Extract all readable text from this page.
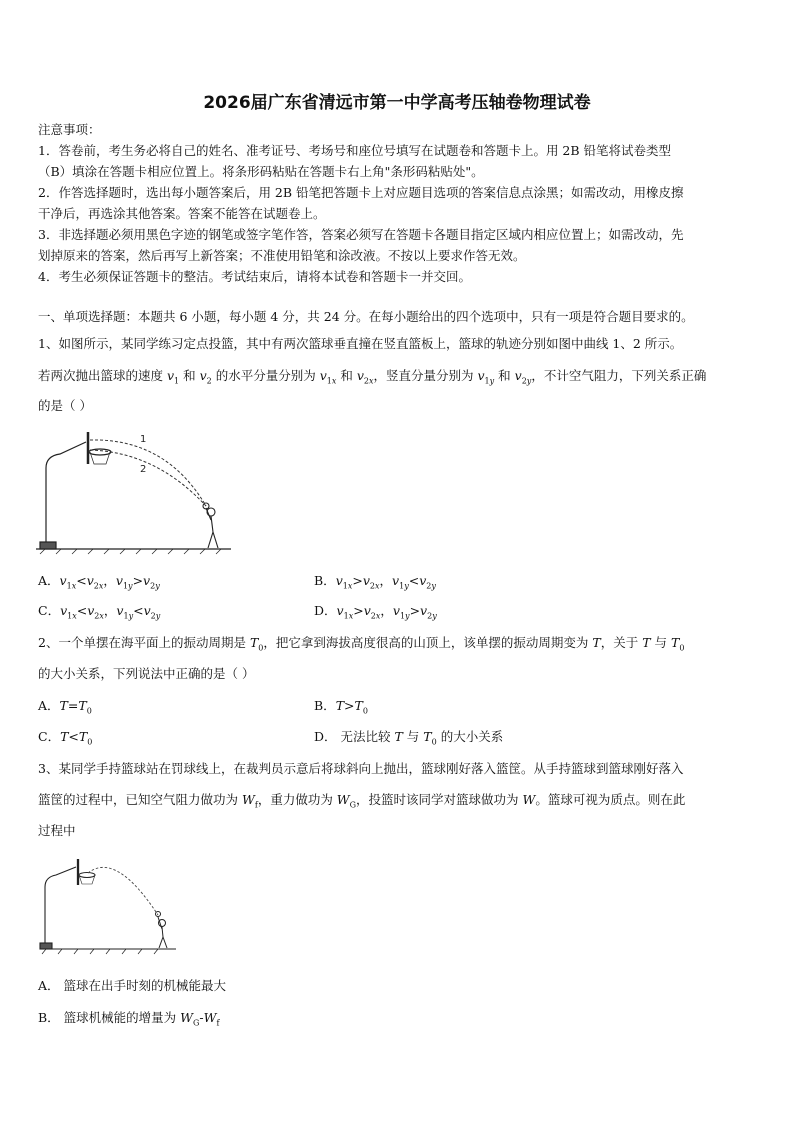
2026届广东省清远市第一中学高考压轴卷物理试卷
注意事项：
1．答卷前，考生务必将自己的姓名、准考证号、考场号和座位号填写在试题卷和答题卡上。用 2B 铅笔将试卷类型
（B）填涂在答题卡相应位置上。将条形码粘贴在答题卡右上角"条形码粘贴处"。
2．作答选择题时，选出每小题答案后，用 2B 铅笔把答题卡上对应题目选项的答案信息点涂黑；如需改动，用橡皮擦
干净后，再选涂其他答案。答案不能答在试题卷上。
3．非选择题必须用黑色字迹的钢笔或签字笔作答，答案必须写在答题卡各题目指定区域内相应位置上；如需改动，先
划掉原来的答案，然后再写上新答案；不准使用铅笔和涂改液。不按以上要求作答无效。
4．考生必须保证答题卡的整洁。考试结束后，请将本试卷和答题卡一并交回。
一、单项选择题：本题共 6 小题，每小题 4 分，共 24 分。在每小题给出的四个选项中，只有一项是符合题目要求的。
1、如图所示，某同学练习定点投篮，其中有两次篮球垂直撞在竖直篮板上，篮球的轨迹分别如图中曲线 1、2 所示。
若两次抛出篮球的速度 $v_1$ 和 $v_2$ 的水平分量分别为 $v_{1x}$ 和 $v_{2x}$，竖直分量分别为 $v_{1y}$ 和 $v_{2y}$，不计空气阻力，下列关系正确
的是（ ）
1
2
A．$v_{1x}<v_{2x}$，$v_{1y}>v_{2y}$	B．$v_{1x}>v_{2x}$，$v_{1y}<v_{2y}$
C．$v_{1x}<v_{2x}$，$v_{1y}<v_{2y}$	D．$v_{1x}>v_{2x}$，$v_{1y}>v_{2y}$
2、一个单摆在海平面上的振动周期是 $T_0$，把它拿到海拔高度很高的山顶上，该单摆的振动周期变为 T，关于 T 与 $T_0$
的大小关系，下列说法中正确的是（ ）
A．$T=T_0$	B．$T>T_0$
C．$T<T_0$	D． 无法比较 T 与 $T_0$ 的大小关系
3、某同学手持篮球站在罚球线上，在裁判员示意后将球斜向上抛出，篮球刚好落入篮筐。从手持篮球到篮球刚好落入
篮筐的过程中，已知空气阻力做功为 $W_f$，重力做功为 $W_G$，投篮时该同学对篮球做功为 W。篮球可视为质点。则在此
过程中
A． 篮球在出手时刻的机械能最大
B． 篮球机械能的增量为 $W_G-W_f$
